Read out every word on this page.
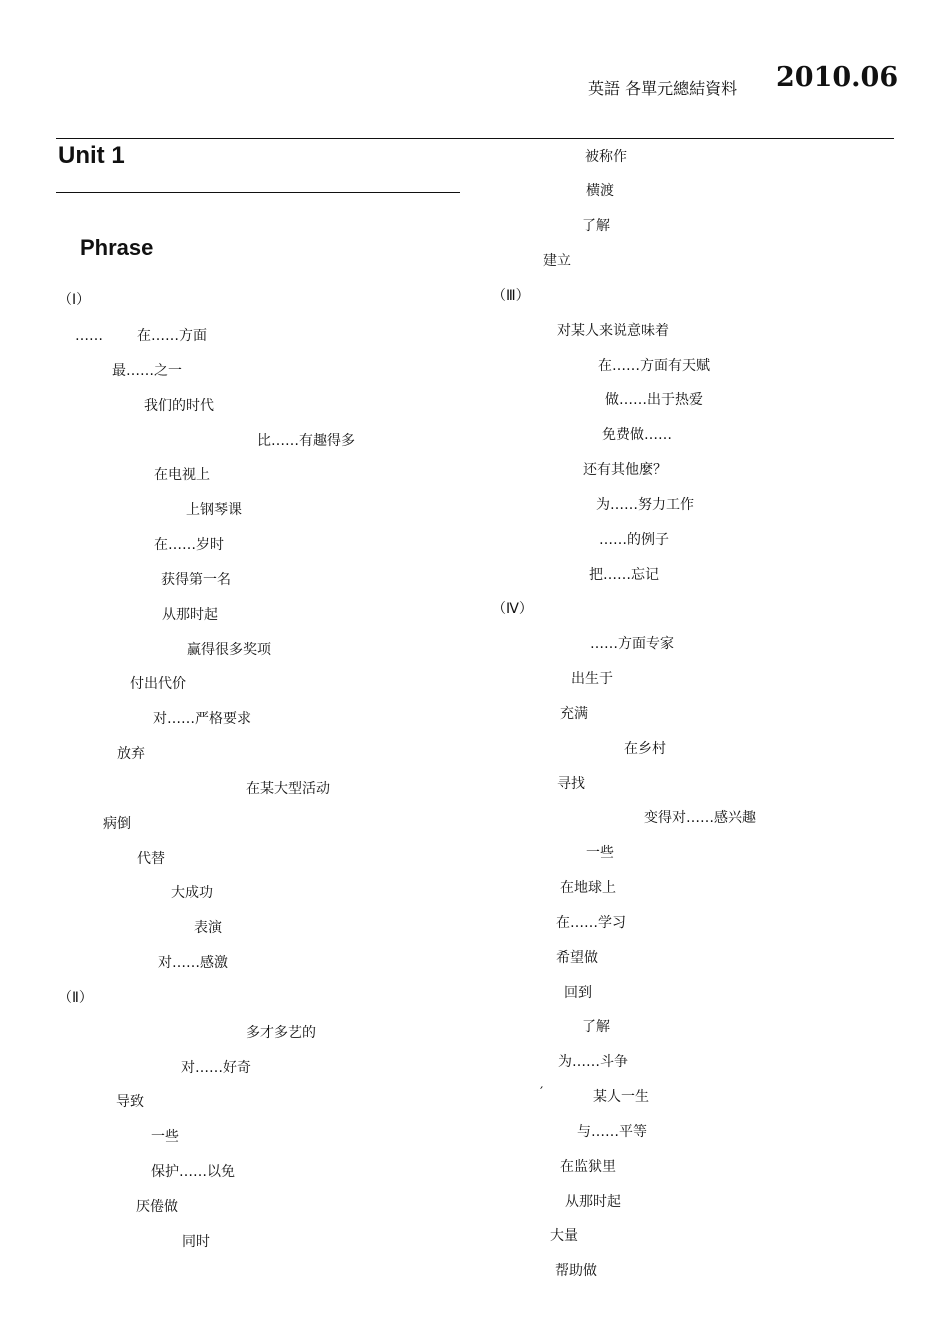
英語 各單元總結資料 2010.06
Unit 1
Phrase
（Ⅰ）
…… 在……方面
最……之一
我们的时代
比……有趣得多
在电视上
上钢琴课
在……岁时
获得第一名
从那时起
赢得很多奖项
付出代价
对……严格要求
放弃
在某大型活动
病倒
代替
大成功
表演
对……感激
（Ⅱ）
多才多艺的
对……好奇
导致
一些
保护……以免
厌倦做
同时
被称作
横渡
了解
建立
（Ⅲ）
对某人来说意味着
在……方面有天赋
做……出于热爱
免费做……
还有其他麼？
为……努力工作
……的例子
把……忘记
（Ⅳ）
……方面专家
出生于
充满
在乡村
寻找
变得对……感兴趣
一些
在地球上
在……学习
希望做
回到
了解
为……斗争
′	某人一生
与……平等
在监狱里
从那时起
大量
帮助做
